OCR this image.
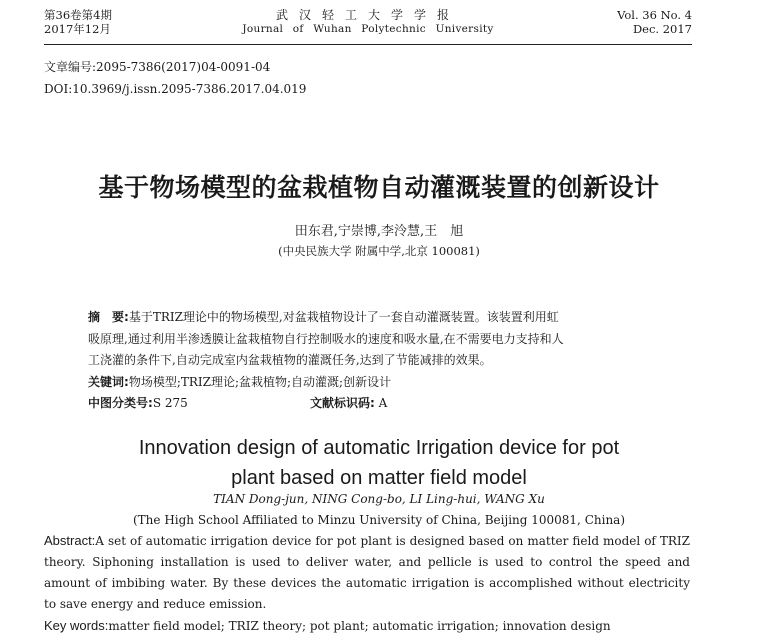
第36卷第4期
2017年12月
武汉轻工大学学报
Journal of Wuhan Polytechnic University
Vol. 36 No. 4
Dec. 2017
文章编号:2095-7386(2017)04-0091-04
DOI:10.3969/j.issn.2095-7386.2017.04.019
基于物场模型的盆栽植物自动灌溉装置的创新设计
田东君,宁崇博,李泠慧,王　旭
(中央民族大学 附属中学,北京 100081)

摘　要:基于TRIZ理论中的物场模型,对盆栽植物设计了一套自动灌溉装置。该装置利用虹

吸原理,通过利用半渗透膜让盆栽植物自行控制吸水的速度和吸水量,在不需要电力支持和人

工浇灌的条件下,自动完成室内盆栽植物的灌溉任务,达到了节能减排的效果。

关键词:物场模型;TRIZ理论;盆栽植物;自动灌溉;创新设计

中图分类号:S 275	文献标识码: A

Innovation design of automatic Irrigation device for pot
plant based on matter field model
TIAN Dong-jun, NING Cong-bo, LI Ling-hui, WANG Xu
(The High School Affiliated to Minzu University of China, Beijing 100081, China)

Abstract:A set of automatic irrigation device for pot plant is designed based on matter field model of TRIZ theory. Siphoning installation is used to deliver water, and pellicle is used to control the speed and amount of imbibing water. By these devices the automatic irrigation is accomplished without electricity to save energy and reduce emission.

Key words:matter field model; TRIZ theory; pot plant; automatic irrigation; innovation design
